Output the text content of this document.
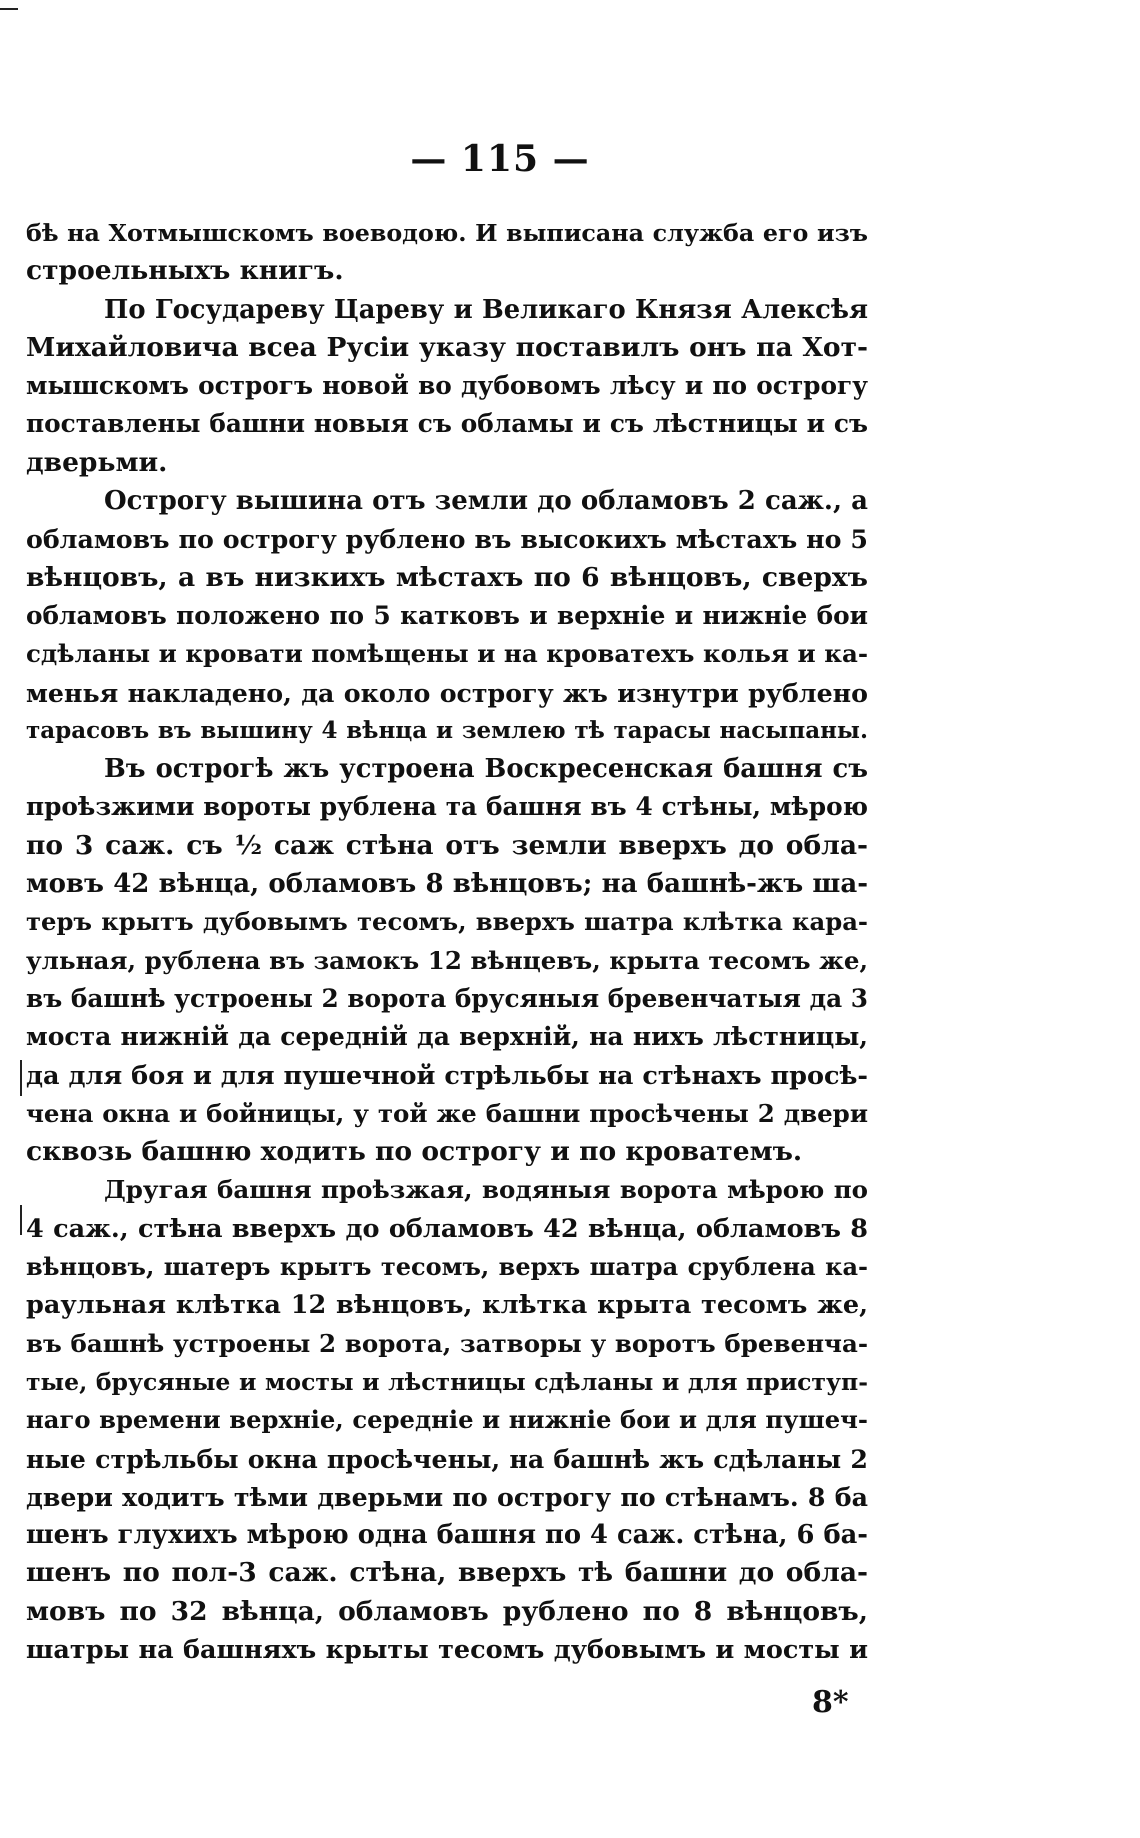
— 115 —
бѣ на Хотмышскомъ воеводою. И выписана служба его изъ
строельныхъ книгъ.
По Государеву Цареву и Великаго Князя Алексѣя
Михайловича всеа Русіи указу поставилъ онъ па Хот-
мышскомъ острогъ новой во дубовомъ лѣсу и по острогу
поставлены башни новыя съ обламы и съ лѣстницы и съ
дверьми.
Острогу вышина отъ земли до обламовъ 2 саж., а
обламовъ по острогу рублено въ высокихъ мѣстахъ но 5
вѣнцовъ, а въ низкихъ мѣстахъ по 6 вѣнцовъ, сверхъ
обламовъ положено по 5 катковъ и верхніе и нижніе бои
сдѣланы и кровати помѣщены и на кроватехъ колья и ка-
менья накладено, да около острогу жъ изнутри рублено
тарасовъ въ вышину 4 вѣнца и землею тѣ тарасы насыпаны.
Въ острогѣ жъ устроена Воскресенская башня съ
проѣзжими вороты рублена та башня въ 4 стѣны, мѣрою
по 3 саж. съ ½ саж стѣна отъ земли вверхъ до обла-
мовъ 42 вѣнца, обламовъ 8 вѣнцовъ; на башнѣ-жъ ша-
теръ крытъ дубовымъ тесомъ, вверхъ шатра клѣтка кара-
ульная, рублена въ замокъ 12 вѣнцевъ, крыта тесомъ же,
въ башнѣ устроены 2 ворота брусяныя бревенчатыя да 3
моста нижній да середній да верхній, на нихъ лѣстницы,
да для боя и для пушечной стрѣльбы на стѣнахъ просѣ-
чена окна и бойницы, у той же башни просѣчены 2 двери
сквозь башню ходить по острогу и по кроватемъ.
Другая башня проѣзжая, водяныя ворота мѣрою по
4 саж., стѣна вверхъ до обламовъ 42 вѣнца, обламовъ 8
вѣнцовъ, шатеръ крытъ тесомъ, верхъ шатра срублена ка-
раульная клѣтка 12 вѣнцовъ, клѣтка крыта тесомъ же,
въ башнѣ устроены 2 ворота, затворы у воротъ бревенча-
тые, брусяные и мосты и лѣстницы сдѣланы и для приступ-
наго времени верхніе, середніе и нижніе бои и для пушеч-
ные стрѣльбы окна просѣчены, на башнѣ жъ сдѣланы 2
двери ходитъ тѣми дверьми по острогу по стѣнамъ. 8 ба
шенъ глухихъ мѣрою одна башня по 4 саж. стѣна, 6 ба-
шенъ по пол-3 саж. стѣна, вверхъ тѣ башни до обла-
мовъ по 32 вѣнца, обламовъ рублено по 8 вѣнцовъ,
шатры на башняхъ крыты тесомъ дубовымъ и мосты и
8*
